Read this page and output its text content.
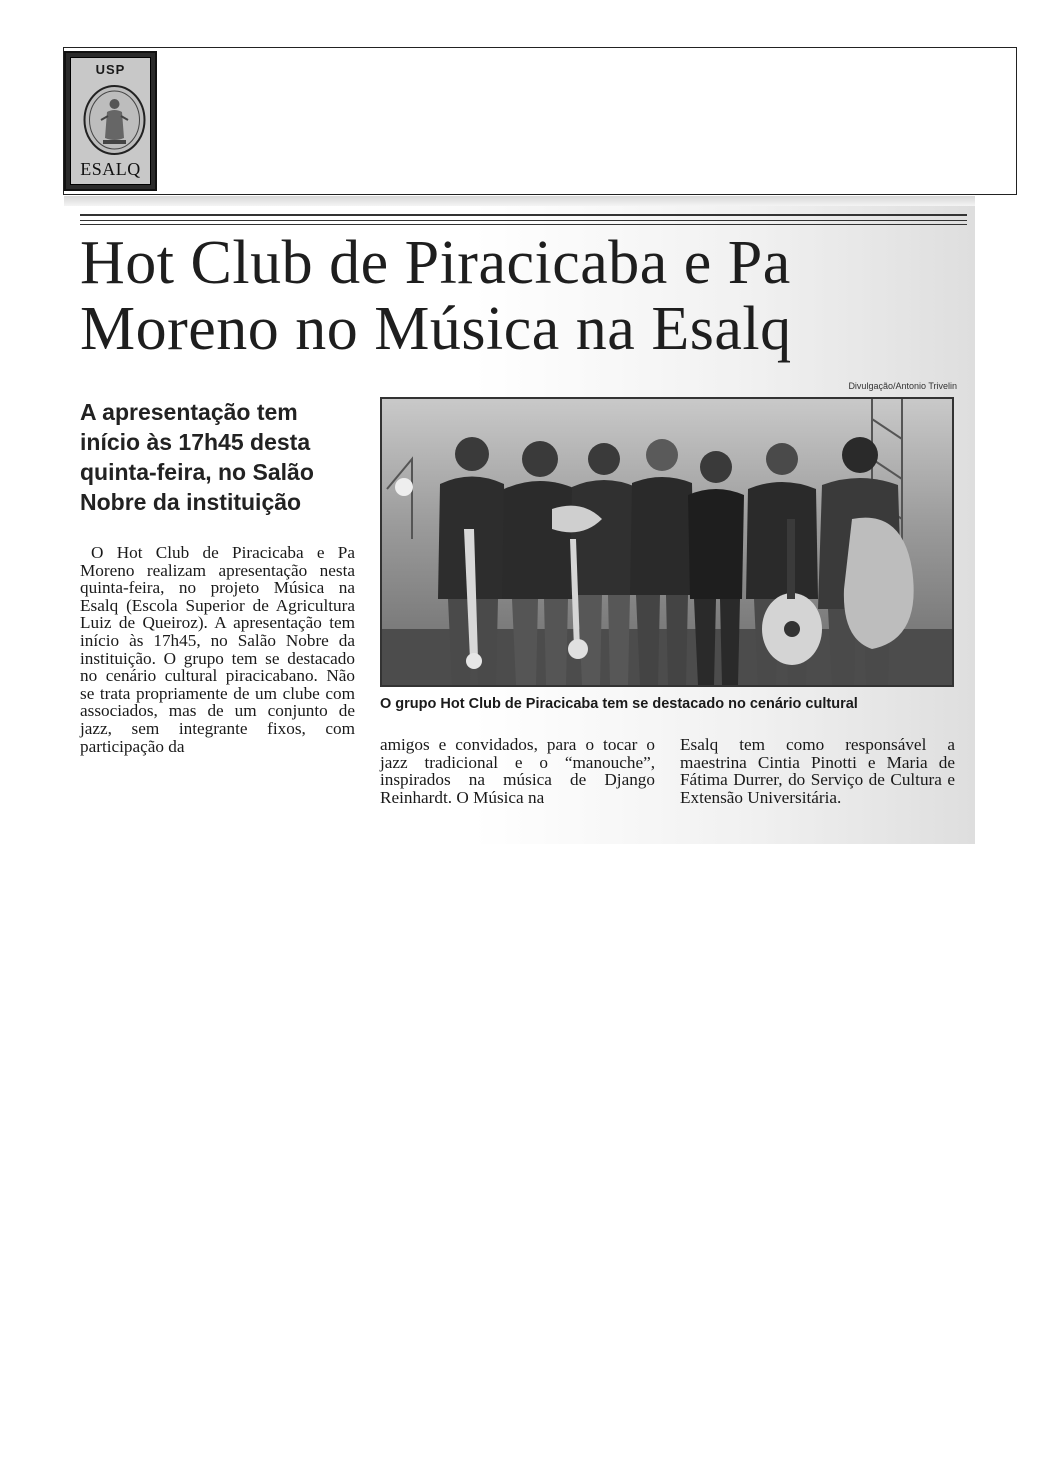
USP
ESALQ
Hot Club de Piracicaba e Pa
Moreno no Música na Esalq
Divulgação/Antonio Trivelin
A apresentação tem início às 17h45 desta quinta-feira, no Salão Nobre da instituição
O Hot Club de Piracicaba e Pa Moreno realizam apresentação nesta quinta-feira, no projeto Música na Esalq (Escola Superior de Agricultura Luiz de Queiroz). A apresentação tem início às 17h45, no Salão Nobre da instituição. O grupo tem se destacado no cenário cultural piracicabano. Não se trata propriamente de um clube com associados, mas de um conjunto de jazz, sem integrante fixos, com participação da
O grupo Hot Club de Piracicaba tem se destacado no cenário cultural
amigos e convidados, para o tocar o jazz tradicional e o “manouche”, inspirados na música de Django Reinhardt. O Música na
Esalq tem como responsável a maestrina Cintia Pinotti e Maria de Fátima Durrer, do Serviço de Cultura e Extensão Universitária.
